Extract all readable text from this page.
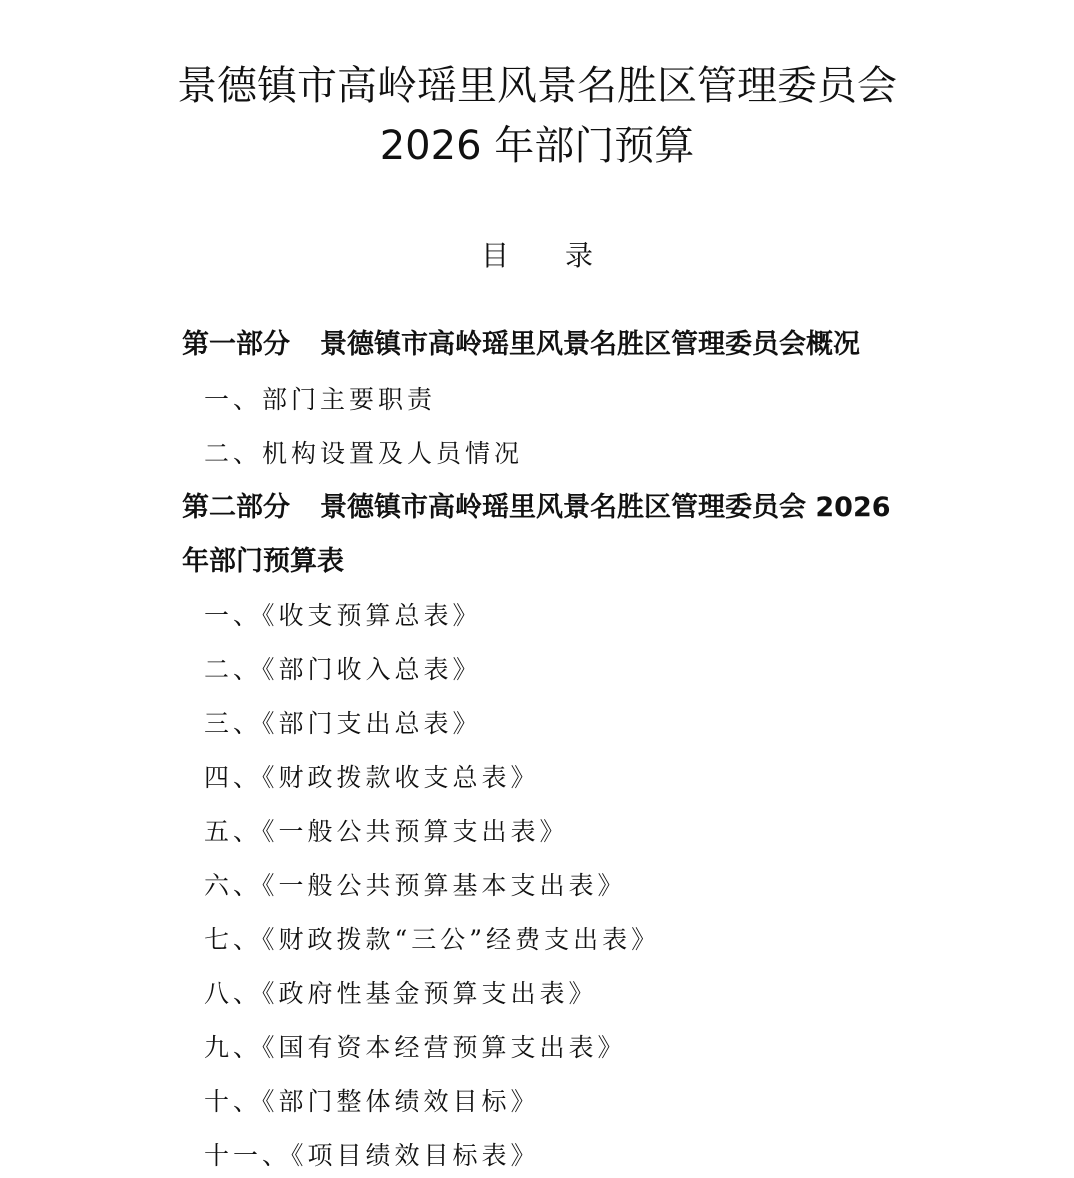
景德镇市高岭瑶里风景名胜区管理委员会
2026 年部门预算
目 录
第一部分 景德镇市高岭瑶里风景名胜区管理委员会概况
一、部门主要职责
二、机构设置及人员情况
第二部分 景德镇市高岭瑶里风景名胜区管理委员会 2026
年部门预算表
一、《收支预算总表》
二、《部门收入总表》
三、《部门支出总表》
四、《财政拨款收支总表》
五、《一般公共预算支出表》
六、《一般公共预算基本支出表》
七、《财政拨款“三公”经费支出表》
八、《政府性基金预算支出表》
九、《国有资本经营预算支出表》
十、《部门整体绩效目标》
十一、《项目绩效目标表》
